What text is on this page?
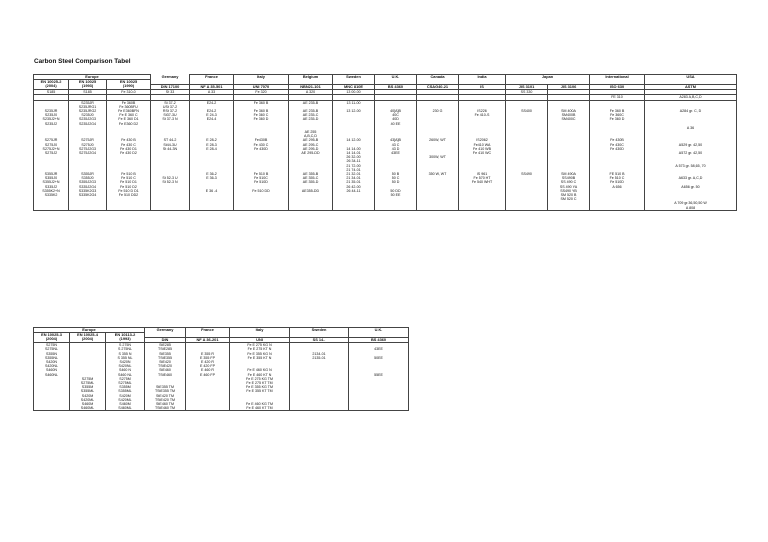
Carbon Steel Comparison Tabel
Europe			Germany	France	Italy	Belgium	Sweden	U.K.	Canada	India	Japan		International	USA
EN 10025-2	EN 10025	EN 10025												
(2004)	(1993)	(1990)	DIN 17100	NF A 35-501	UNI 7070	NBN21-101	MNC 810E	BS 4360	CSAG40-21	IS	JIS 3101	JIS 3106	ISO 630	ASTM
S185	S185	Fe 310-0	St 33	A 33	Fe 320	A 320	13 00-00				SS 330			
													FE 310	A283 A,B,C,D
	S235JR	Fe 360B	St 37-2	E24-2	Fe 360 B	AE 235-B	13 11-00							
	S235JRG1	Fe 360BFU	USt 37-2											
S235JR	S235JRG2	Fe E360BFN	RSt 37-2	E24-2	Fe 360 B	AE 235-B	13 12-00	40[A]B	230 G	IS226	SS400	SM 400A	Fe 360 B	A284 gr. C, D
S235J0	S235J0	Fe E 360 C	St37-3U	E 24-3	Fe 360 C	AE 235-C		40C		Fe 410-S		SM400B	Fe 360C	
S235J2+N	S235J2G3	Fe E 360 D1	St 37-3 N	E24-4	Fe 360 D	AE 235-D		40D				SM400C	Fe 360 D	
S235J2	S235J2G4	Fe E360 D2						40 EE						
														A 36
						AE 255								
						A,B,C,D								
S275JR	S275JR	Fe 430 B	ST 44-2	E 28-2	Fe430B	AE 295-B	14 12-00	43[A]B	260W, WT	IS2062			Fe 430B	
S275J0	S275J0	Fe 430 C	St44-3U	E 28-3	Fe 430 C	AE 295-C		43 C		Fe410 WA			Fe 430C	A529 gr. 42,50
S275J2+N	S275J2G3	Fe 430 D1	St 44-3N	E 28-4	Fe 430D	AE 295-D	14 14-00	43 D		Fe 410 WB			Fe 430D	
S275J2	S275J2G4	Fe 430 D2				AE 295-DD	14 14-01	43EE		Fe 410 WC				A572 gr. 42,50
							26 32-00		300W, WT					
							26 34-11							
							21 72-00							A 573 gr. 58,65, 70
							21 74-01							
S355JR	S355JR	Fe 510 B		E 36-2	Fe 510 B	AE 355-B	21 32-01	50 B	350 W, WT	IS 961	SS490	SM 490A	FE 510 B	
S355J0	S355J0	Fe 510 C	St 52-3 U	E 36-3	Fe 510C	AE 355-C	21 34-01	50 C		Fe 570 HT		SS490B	Fe 510 C	A633 gr. A,C,D
S355J2+N	S355J2G3	Fe 510 D1	St 52-3 N		Fe 510D	AE 355-D	21 35-01	50 D		Fe 540 WHT		SS 490 C	Fe 510D	
S335J2	S335J2G4	Fe 510 D2					26 42-00					SS 490 YA	A 656	A656 gr. 50
S355K2+N	S335K2G3	Fe 510 D D1		E 36 -4	Fe 510 DD	AE355-DD	26 44-11	50 DD				SS490 YB		
S335K2	S335K2G4	Fe 510 DD2						50 EE				SM 520 B		
												SM 520 C		
														A 709 gr.36,50,50 W
														A 808
Europe			Germany	France	Italy	Sweden	U.K.
EN 10025-3	EN 10025-4	EN 10113-2					
(2004)	(2004)	(1993)	DIN	NF A 36-201	UNI	SS 14..	BS 4360
S275N		S 275N	StE285		Fe E 275 KG N		
S275NL		S 275NL	TStE285		Fe E 275 KT N		43EE
S355N		S 355 N	StE355	E 355 R	Fe E 355 KG N	2134-01	
S355NL		S 355 NL	TStE355	E 355 FP	Fe E 355 KT N	2135-01	50EE
S420N		S420N	StE420	E 420 R			
S420NL		S420NL	TStE420	E 420 FP			
S460N		S460 N	StE460	E 460 R	Fe E 460 KG N		
S460NL		S460 NL	TStE460	E 460 FP	Fe E 460 KT N		55EE
	S275M	S275M			Fe E 275 KG TM		
	S275ML	S275ML			Fe E 275 KT TM		
	S355M	S355M	StE355 TM		Fe E 355 KG TM		
	S355ML	S355ML	TStE355 TM		Fe E 355 KT TM		
	S420M	S420M	StE420 TM				
	S420ML	S420ML	TStE420 TM				
	S460M	S460M	StE460 TM		Fe E 460 KG TM		
	S460ML	S460ML	TStE460 TM		Fe E 460 KT TM		
